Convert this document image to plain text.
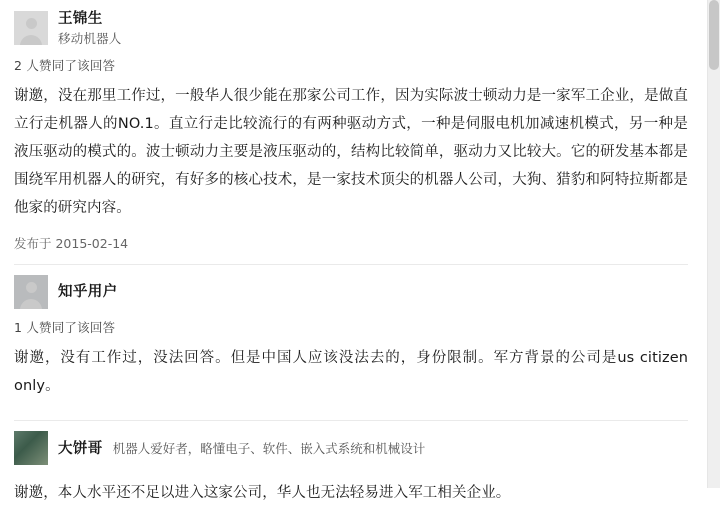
王锦生
移动机器人
2 人赞同了该回答
谢邀，没在那里工作过，一般华人很少能在那家公司工作，因为实际波士顿动力是一家军工企业，是做直立行走机器人的NO.1。直立行走比较流行的有两种驱动方式，一种是伺服电机加减速机模式，另一种是液压驱动的模式的。波士顿动力主要是液压驱动的，结构比较简单，驱动力又比较大。它的研发基本都是围绕军用机器人的研究，有好多的核心技术，是一家技术顶尖的机器人公司，大狗、猎豹和阿特拉斯都是他家的研究内容。
发布于 2015-02-14
知乎用户
1 人赞同了该回答
谢邀，没有工作过，没法回答。但是中国人应该没法去的，身份限制。军方背景的公司是us citizen only。
大饼哥 机器人爱好者，略懂电子、软件、嵌入式系统和机械设计
谢邀，本人水平还不足以进入这家公司，华人也无法轻易进入军工相关企业。
